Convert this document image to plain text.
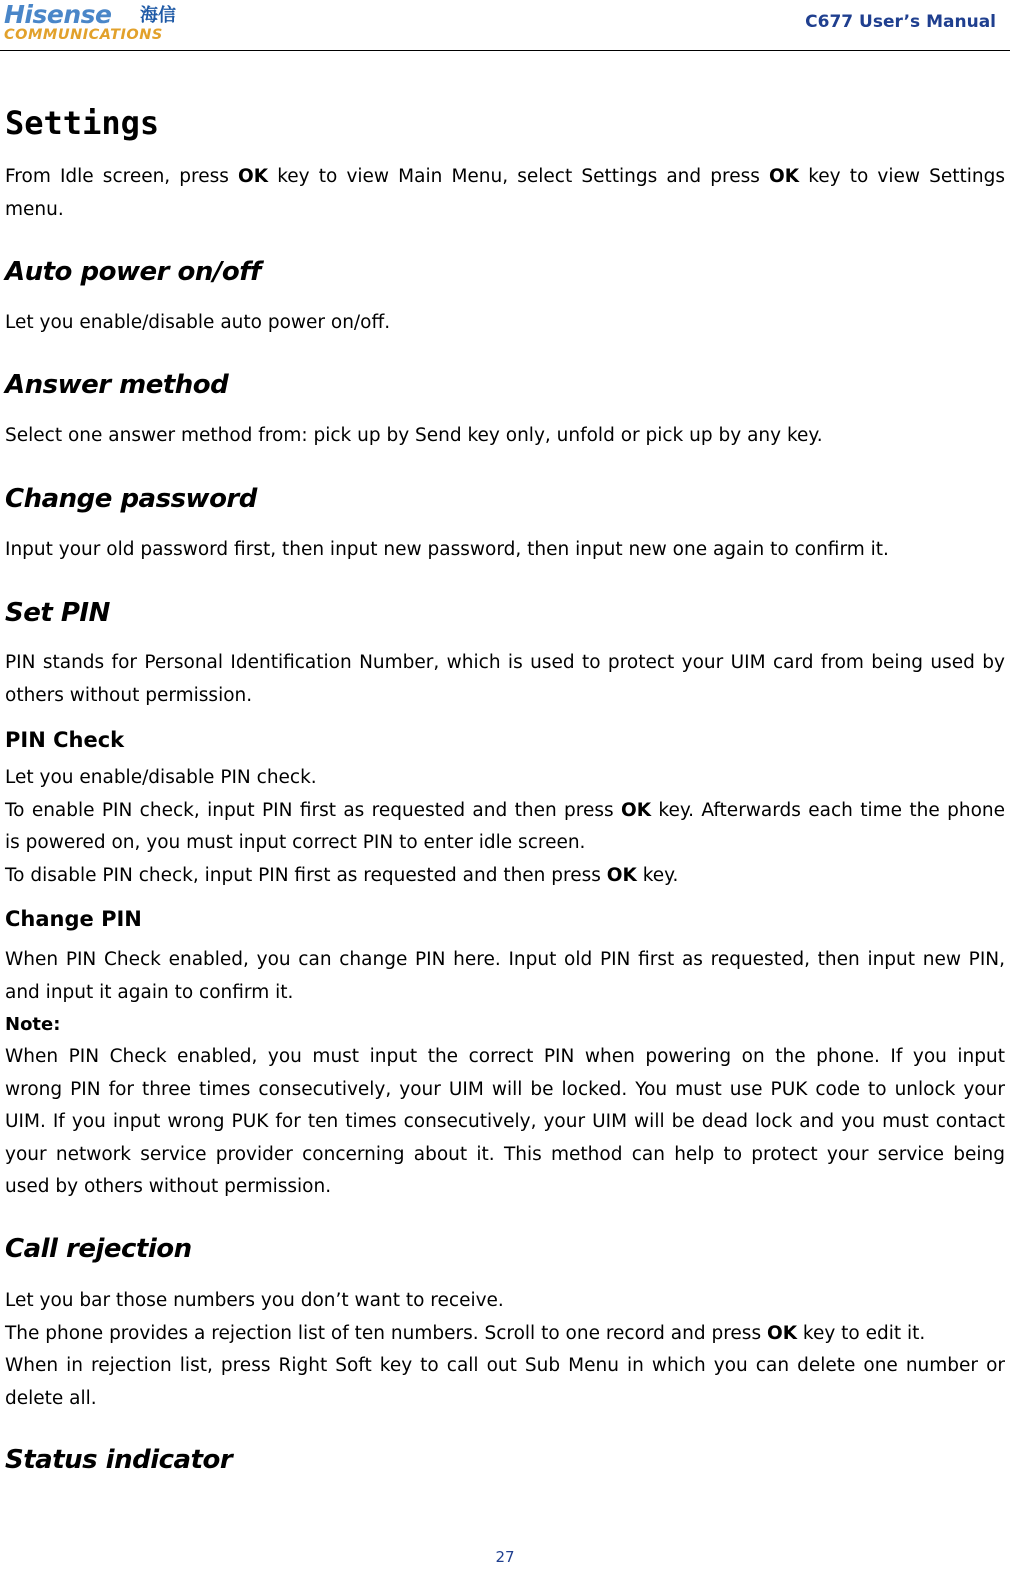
Hisense 海信
COMMUNICATIONS
C677 User’s Manual
Settings
From Idle screen, press OK key to view Main Menu, select Settings and press OK key to view Settings
menu.
Auto power on/off
Let you enable/disable auto power on/off.
Answer method
Select one answer method from: pick up by Send key only, unfold or pick up by any key.
Change password
Input your old password first, then input new password, then input new one again to confirm it.
Set PIN
PIN stands for Personal Identification Number, which is used to protect your UIM card from being used by
others without permission.
PIN Check
Let you enable/disable PIN check.
To enable PIN check, input PIN first as requested and then press OK key. Afterwards each time the phone
is powered on, you must input correct PIN to enter idle screen.
To disable PIN check, input PIN first as requested and then press OK key.
Change PIN
When PIN Check enabled, you can change PIN here. Input old PIN first as requested, then input new PIN,
and input it again to confirm it.
Note:
When PIN Check enabled, you must input the correct PIN when powering on the phone. If you input
wrong PIN for three times consecutively, your UIM will be locked. You must use PUK code to unlock your
UIM. If you input wrong PUK for ten times consecutively, your UIM will be dead lock and you must contact
your network service provider concerning about it. This method can help to protect your service being
used by others without permission.
Call rejection
Let you bar those numbers you don’t want to receive.
The phone provides a rejection list of ten numbers. Scroll to one record and press OK key to edit it.
When in rejection list, press Right Soft key to call out Sub Menu in which you can delete one number or
delete all.
Status indicator
27
